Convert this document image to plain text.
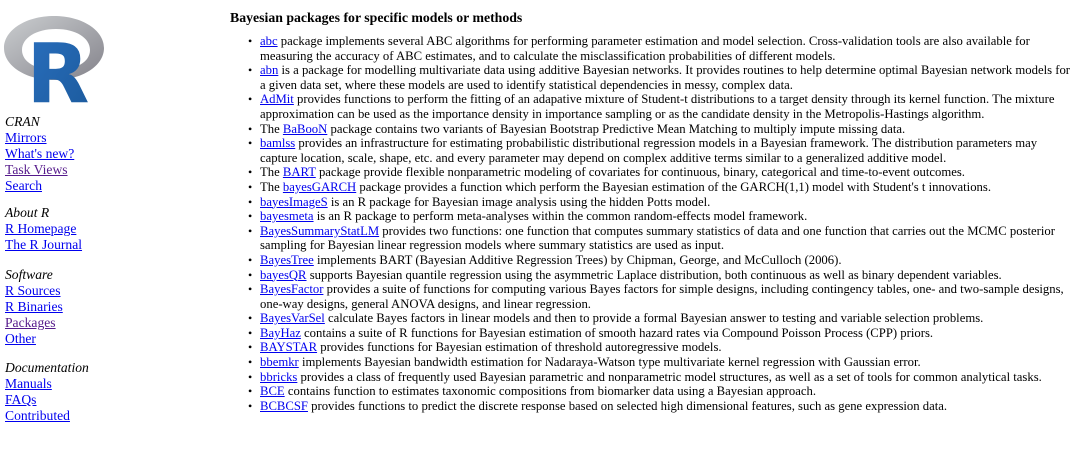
R
CRAN
Mirrors
What's new?
Task Views
Search
About R
R Homepage
The R Journal
Software
R Sources
R Binaries
Packages
Other
Documentation
Manuals
FAQs
Contributed
Bayesian packages for specific models or methods
• abc package implements several ABC algorithms for performing parameter estimation and model selection. Cross-validation tools are also available for measuring the accuracy of ABC estimates, and to calculate the misclassification probabilities of different models.
• abn is a package for modelling multivariate data using additive Bayesian networks. It provides routines to help determine optimal Bayesian network models for a given data set, where these models are used to identify statistical dependencies in messy, complex data.
• AdMit provides functions to perform the fitting of an adapative mixture of Student-t distributions to a target density through its kernel function. The mixture approximation can be used as the importance density in importance sampling or as the candidate density in the Metropolis-Hastings algorithm.
• The BaBooN package contains two variants of Bayesian Bootstrap Predictive Mean Matching to multiply impute missing data.
• bamlss provides an infrastructure for estimating probabilistic distributional regression models in a Bayesian framework. The distribution parameters may capture location, scale, shape, etc. and every parameter may depend on complex additive terms similar to a generalized additive model.
• The BART package provide flexible nonparametric modeling of covariates for continuous, binary, categorical and time-to-event outcomes.
• The bayesGARCH package provides a function which perform the Bayesian estimation of the GARCH(1,1) model with Student's t innovations.
• bayesImageS is an R package for Bayesian image analysis using the hidden Potts model.
• bayesmeta is an R package to perform meta-analyses within the common random-effects model framework.
• BayesSummaryStatLM provides two functions: one function that computes summary statistics of data and one function that carries out the MCMC posterior sampling for Bayesian linear regression models where summary statistics are used as input.
• BayesTree implements BART (Bayesian Additive Regression Trees) by Chipman, George, and McCulloch (2006).
• bayesQR supports Bayesian quantile regression using the asymmetric Laplace distribution, both continuous as well as binary dependent variables.
• BayesFactor provides a suite of functions for computing various Bayes factors for simple designs, including contingency tables, one- and two-sample designs, one-way designs, general ANOVA designs, and linear regression.
• BayesVarSel calculate Bayes factors in linear models and then to provide a formal Bayesian answer to testing and variable selection problems.
• BayHaz contains a suite of R functions for Bayesian estimation of smooth hazard rates via Compound Poisson Process (CPP) priors.
• BAYSTAR provides functions for Bayesian estimation of threshold autoregressive models.
• bbemkr implements Bayesian bandwidth estimation for Nadaraya-Watson type multivariate kernel regression with Gaussian error.
• bbricks provides a class of frequently used Bayesian parametric and nonparametric model structures, as well as a set of tools for common analytical tasks.
• BCE contains function to estimates taxonomic compositions from biomarker data using a Bayesian approach.
• BCBCSF provides functions to predict the discrete response based on selected high dimensional features, such as gene expression data.
